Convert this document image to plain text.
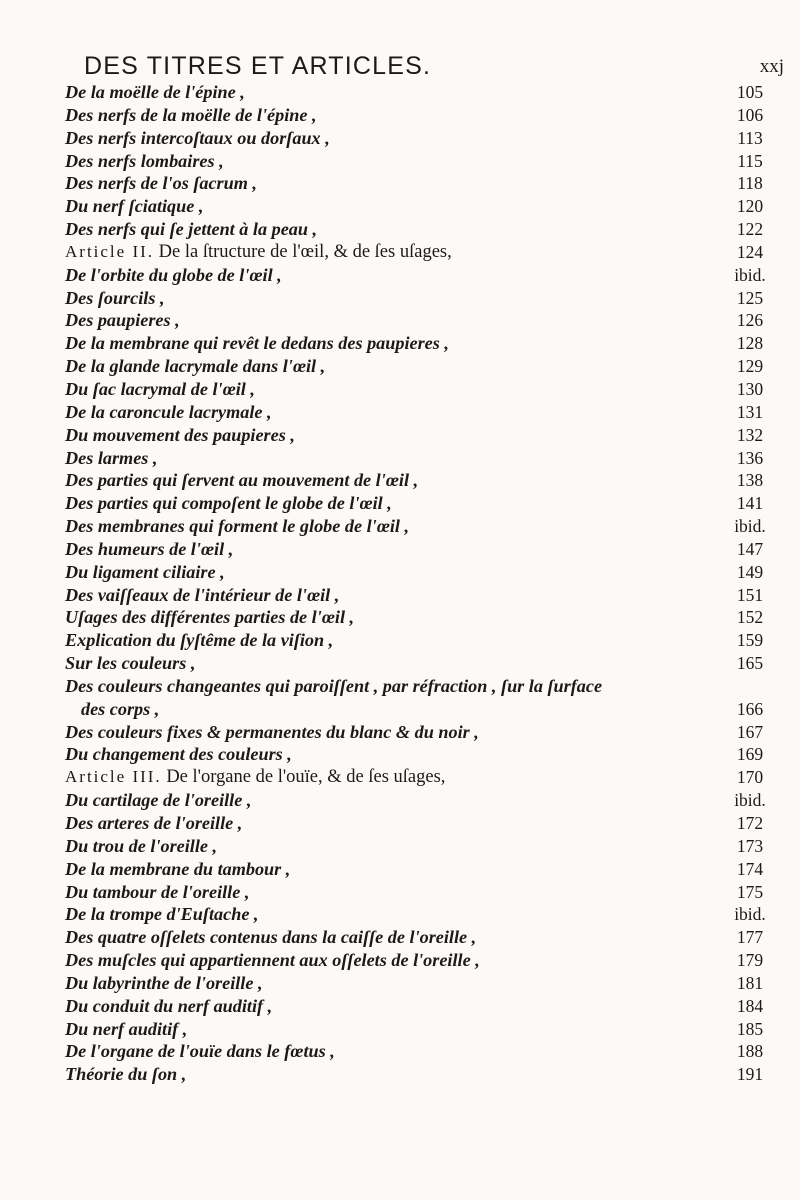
DES TITRES ET ARTICLES.	xxj
De la moëlle de l'épine ,	105
Des nerfs de la moëlle de l'épine ,	106
Des nerfs intercoſtaux ou dorſaux ,	113
Des nerfs lombaires ,	115
Des nerfs de l'os ſacrum ,	118
Du nerf ſciatique ,	120
Des nerfs qui ſe jettent à la peau ,	122
Article II. De la ſtructure de l'œil, & de ſes uſages,	124
De l'orbite du globe de l'œil ,	ibid.
Des ſourcils ,	125
Des paupieres ,	126
De la membrane qui revêt le dedans des paupieres ,	128
De la glande lacrymale dans l'œil ,	129
Du ſac lacrymal de l'œil ,	130
De la caroncule lacrymale ,	131
Du mouvement des paupieres ,	132
Des larmes ,	136
Des parties qui ſervent au mouvement de l'œil ,	138
Des parties qui compoſent le globe de l'œil ,	141
Des membranes qui forment le globe de l'œil ,	ibid.
Des humeurs de l'œil ,	147
Du ligament ciliaire ,	149
Des vaiſſeaux de l'intérieur de l'œil ,	151
Uſages des différentes parties de l'œil ,	152
Explication du ſyſtême de la viſion ,	159
Sur les couleurs ,	165
Des couleurs changeantes qui paroiſſent , par réfraction , ſur la ſurface
des corps ,	166
Des couleurs fixes & permanentes du blanc & du noir ,	167
Du changement des couleurs ,	169
Article III. De l'organe de l'ouïe, & de ſes uſages,	170
Du cartilage de l'oreille ,	ibid.
Des arteres de l'oreille ,	172
Du trou de l'oreille ,	173
De la membrane du tambour ,	174
Du tambour de l'oreille ,	175
De la trompe d'Euſtache ,	ibid.
Des quatre oſſelets contenus dans la caiſſe de l'oreille ,	177
Des muſcles qui appartiennent aux oſſelets de l'oreille ,	179
Du labyrinthe de l'oreille ,	181
Du conduit du nerf auditif ,	184
Du nerf auditif ,	185
De l'organe de l'ouïe dans le fœtus ,	188
Théorie du ſon ,	191
